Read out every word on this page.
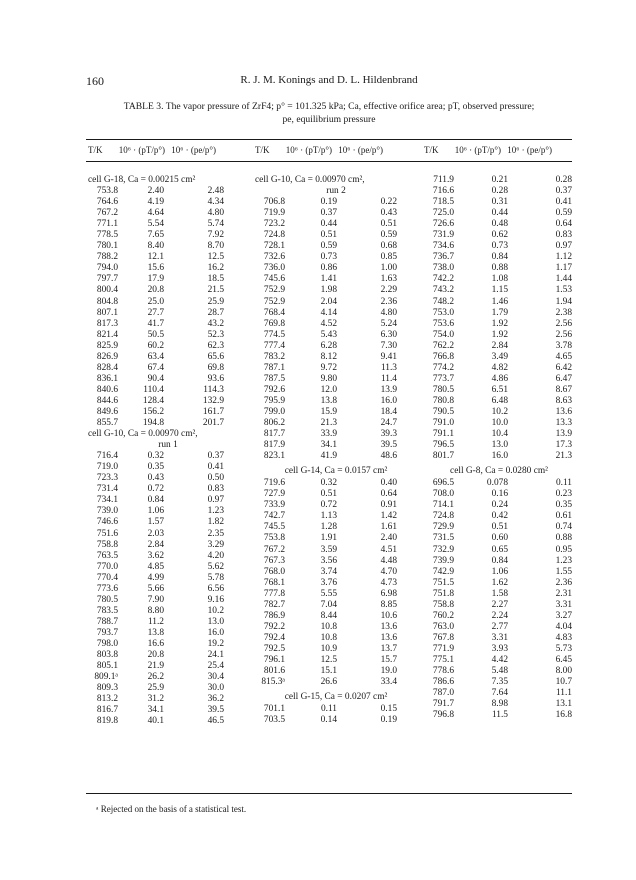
160	R. J. M. Konings and D. L. Hildenbrand
TABLE 3. The vapor pressure of ZrF4; p° = 101.325 kPa; Ca, effective orifice area; pT, observed pressure;
pe, equilibrium pressure
T/K 10⁶ · (pT/p°) 10⁶ · (pe/p°)	T/K 10⁶ · (pT/p°) 10⁶ · (pe/p°)	T/K 10⁶ · (pT/p°) 10⁶ · (pe/p°)
cell G-18, Ca = 0.00215 cm²
753.8	2.40	2.48
764.6	4.19	4.34
767.2	4.64	4.80
771.1	5.54	5.74
778.5	7.65	7.92
780.1	8.40	8.70
788.2	12.1	12.5
794.0	15.6	16.2
797.7	17.9	18.5
800.4	20.8	21.5
804.8	25.0	25.9
807.1	27.7	28.7
817.3	41.7	43.2
821.4	50.5	52.3
825.9	60.2	62.3
826.9	63.4	65.6
828.4	67.4	69.8
836.1	90.4	93.6
840.6	110.4	114.3
844.6	128.4	132.9
849.6	156.2	161.7
855.7	194.8	201.7
cell G-10, Ca = 0.00970 cm²,
run 1
716.4	0.32	0.37
719.0	0.35	0.41
723.3	0.43	0.50
731.4	0.72	0.83
734.1	0.84	0.97
739.0	1.06	1.23
746.6	1.57	1.82
751.6	2.03	2.35
758.8	2.84	3.29
763.5	3.62	4.20
770.0	4.85	5.62
770.4	4.99	5.78
773.6	5.66	6.56
780.5	7.90	9.16
783.5	8.80	10.2
788.7	11.2	13.0
793.7	13.8	16.0
798.0	16.6	19.2
803.8	20.8	24.1
805.1	21.9	25.4
809.1ᵃ	26.2	30.4
809.3	25.9	30.0
813.2	31.2	36.2
816.7	34.1	39.5
819.8	40.1	46.5
cell G-10, Ca = 0.00970 cm²,
run 2
706.8	0.19	0.22
719.9	0.37	0.43
723.2	0.44	0.51
724.8	0.51	0.59
728.1	0.59	0.68
732.6	0.73	0.85
736.0	0.86	1.00
745.6	1.41	1.63
752.9	1.98	2.29
752.9	2.04	2.36
768.4	4.14	4.80
769.8	4.52	5.24
774.5	5.43	6.30
777.4	6.28	7.30
783.2	8.12	9.41
787.1	9.72	11.3
787.5	9.80	11.4
792.6	12.0	13.9
795.9	13.8	16.0
799.0	15.9	18.4
806.2	21.3	24.7
817.7	33.9	39.3
817.9	34.1	39.5
823.1	41.9	48.6
cell G-14, Ca = 0.0157 cm²
719.6	0.32	0.40
727.9	0.51	0.64
733.9	0.72	0.91
742.7	1.13	1.42
745.5	1.28	1.61
753.8	1.91	2.40
767.2	3.59	4.51
767.3	3.56	4.48
768.0	3.74	4.70
768.1	3.76	4.73
777.8	5.55	6.98
782.7	7.04	8.85
786.9	8.44	10.6
792.2	10.8	13.6
792.4	10.8	13.6
792.5	10.9	13.7
796.1	12.5	15.7
801.6	15.1	19.0
815.3ᵃ	26.6	33.4
cell G-15, Ca = 0.0207 cm²
701.1	0.11	0.15
703.5	0.14	0.19
711.9	0.21	0.28
716.6	0.28	0.37
718.5	0.31	0.41
725.0	0.44	0.59
726.6	0.48	0.64
731.9	0.62	0.83
734.6	0.73	0.97
736.7	0.84	1.12
738.0	0.88	1.17
742.2	1.08	1.44
743.2	1.15	1.53
748.2	1.46	1.94
753.0	1.79	2.38
753.6	1.92	2.56
754.0	1.92	2.56
762.2	2.84	3.78
766.8	3.49	4.65
774.2	4.82	6.42
773.7	4.86	6.47
780.5	6.51	8.67
780.8	6.48	8.63
790.5	10.2	13.6
791.0	10.0	13.3
791.1	10.4	13.9
796.5	13.0	17.3
801.7	16.0	21.3
cell G-8, Ca = 0.0280 cm²
696.5	0.078	0.11
708.0	0.16	0.23
714.1	0.24	0.35
724.8	0.42	0.61
729.9	0.51	0.74
731.5	0.60	0.88
732.9	0.65	0.95
739.9	0.84	1.23
742.9	1.06	1.55
751.5	1.62	2.36
751.8	1.58	2.31
758.8	2.27	3.31
760.2	2.24	3.27
763.0	2.77	4.04
767.8	3.31	4.83
771.9	3.93	5.73
775.1	4.42	6.45
778.6	5.48	8.00
786.6	7.35	10.7
787.0	7.64	11.1
791.7	8.98	13.1
796.8	11.5	16.8
ᵃ Rejected on the basis of a statistical test.
